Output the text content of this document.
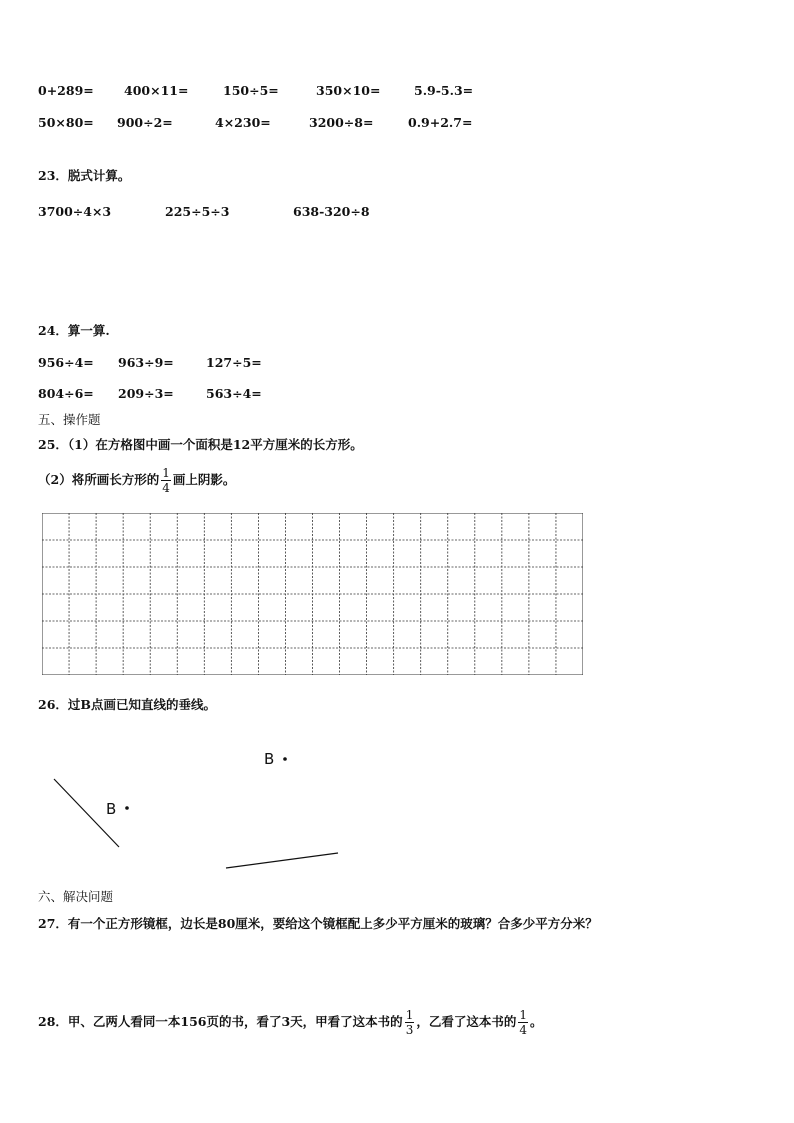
0+289= 400×11=	150÷5=	350×10=	5.9-5.3=
50×80= 900÷2=	4×230=	3200÷8=	0.9+2.7=
23．脱式计算。
3700÷4×3	225÷5÷3	638-320÷8
24．算一算.
956÷4= 963÷9=	127÷5=
804÷6= 209÷3=	563÷4=
五、操作题
25．（1）在方格图中画一个面积是12平方厘米的长方形。
（2）将所画长方形的 $\frac{1}{4}$ 画上阴影。
26．过B点画已知直线的垂线。
B
B
六、解决问题
27．有一个正方形镜框，边长是80厘米，要给这个镜框配上多少平方厘米的玻璃？合多少平方分米？
28．甲、乙两人看同一本156页的书，看了3天，甲看了这本书的 $\frac{1}{3}$ ，乙看了这本书的 $\frac{1}{4}$ 。
